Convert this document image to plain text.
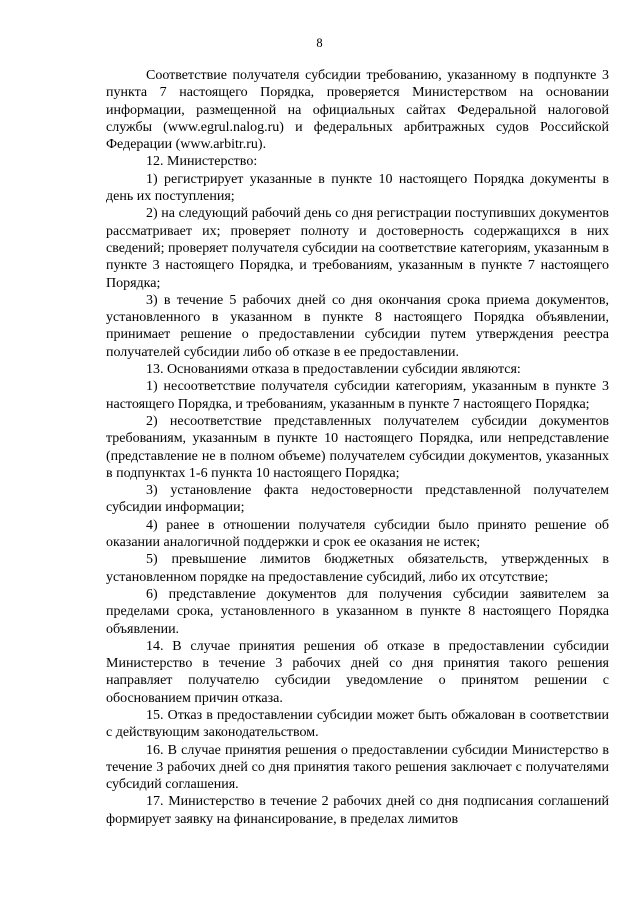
8

Соответствие получателя субсидии требованию, указанному в подпункте 3 пункта 7 настоящего Порядка, проверяется Министерством на основании информации, размещенной на официальных сайтах Федеральной налоговой службы (www.egrul.nalog.ru) и федеральных арбитражных судов Российской Федерации (www.arbitr.ru).

12. Министерство:

1) регистрирует указанные в пункте 10 настоящего Порядка документы в день их поступления;

2) на следующий рабочий день со дня регистрации поступивших документов рассматривает их; проверяет полноту и достоверность содержащихся в них сведений; проверяет получателя субсидии на соответствие категориям, указанным в пункте 3 настоящего Порядка, и требованиям, указанным в пункте 7 настоящего Порядка;

3) в течение 5 рабочих дней со дня окончания срока приема документов, установленного в указанном в пункте 8 настоящего Порядка объявлении, принимает решение о предоставлении субсидии путем утверждения реестра получателей субсидии либо об отказе в ее предоставлении.

13. Основаниями отказа в предоставлении субсидии являются:

1) несоответствие получателя субсидии категориям, указанным в пункте 3 настоящего Порядка, и требованиям, указанным в пункте 7 настоящего Порядка;

2) несоответствие представленных получателем субсидии документов требованиям, указанным в пункте 10 настоящего Порядка, или непредставление (представление не в полном объеме) получателем субсидии документов, указанных в подпунктах 1-6 пункта 10 настоящего Порядка;

3) установление факта недостоверности представленной получателем субсидии информации;

4) ранее в отношении получателя субсидии было принято решение об оказании аналогичной поддержки и срок ее оказания не истек;

5) превышение лимитов бюджетных обязательств, утвержденных в установленном порядке на предоставление субсидий, либо их отсутствие;

6) представление документов для получения субсидии заявителем за пределами срока, установленного в указанном в пункте 8 настоящего Порядка объявлении.

14. В случае принятия решения об отказе в предоставлении субсидии Министерство в течение 3 рабочих дней со дня принятия такого решения направляет получателю субсидии уведомление о принятом решении с обоснованием причин отказа.

15. Отказ в предоставлении субсидии может быть обжалован в соответствии с действующим законодательством.

16. В случае принятия решения о предоставлении субсидии Министерство в течение 3 рабочих дней со дня принятия такого решения заключает с получателями субсидий соглашения.

17. Министерство в течение 2 рабочих дней со дня подписания соглашений формирует заявку на финансирование, в пределах лимитов
